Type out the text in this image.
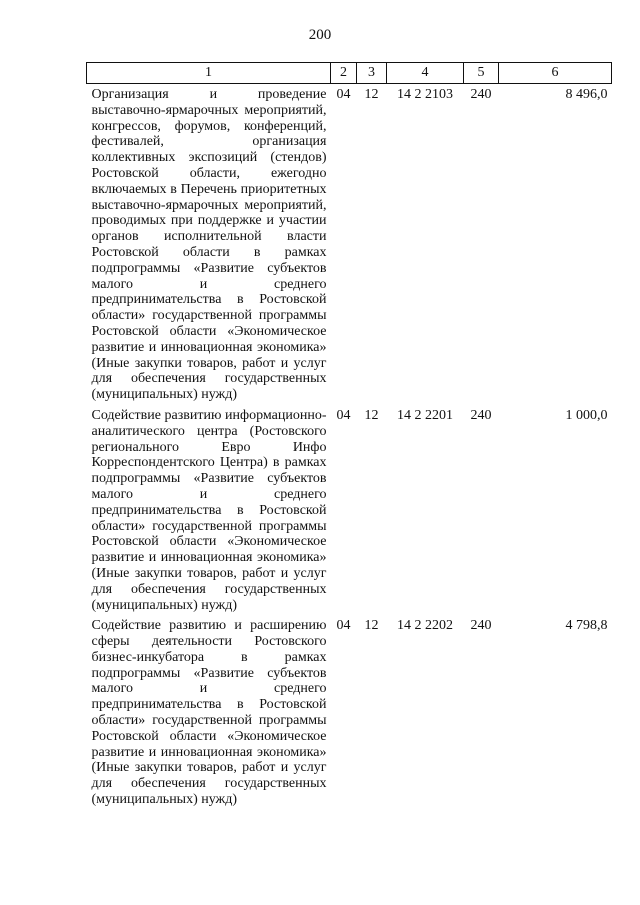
200
1	2	3	4	5	6
Организация и проведение выставочно-ярмарочных мероприятий, конгрессов, форумов, конференций, фестивалей, организация коллективных экспозиций (стендов) Ростовской области, ежегодно включаемых в Перечень приоритетных выставочно-ярмарочных мероприятий, проводимых при поддержке и участии органов исполнительной власти Ростовской области в рамках подпрограммы «Развитие субъектов малого и среднего предпринимательства в Ростовской области» государственной программы Ростовской области «Экономическое развитие и инновационная экономика» (Иные закупки товаров, работ и услуг для обеспечения государственных (муниципальных) нужд)	04	12	14 2 2103	240	8 496,0
Содействие развитию информационно-аналитического центра (Ростовского регионального Евро Инфо Корреспондентского Центра) в рамках подпрограммы «Развитие субъектов малого и среднего предпринимательства в Ростовской области» государственной программы Ростовской области «Экономическое развитие и инновационная экономика» (Иные закупки товаров, работ и услуг для обеспечения государственных (муниципальных) нужд)	04	12	14 2 2201	240	1 000,0
Содействие развитию и расширению сферы деятельности Ростовского бизнес-инкубатора в рамках подпрограммы «Развитие субъектов малого и среднего предпринимательства в Ростовской области» государственной программы Ростовской области «Экономическое развитие и инновационная экономика» (Иные закупки товаров, работ и услуг для обеспечения государственных (муниципальных) нужд)	04	12	14 2 2202	240	4 798,8
